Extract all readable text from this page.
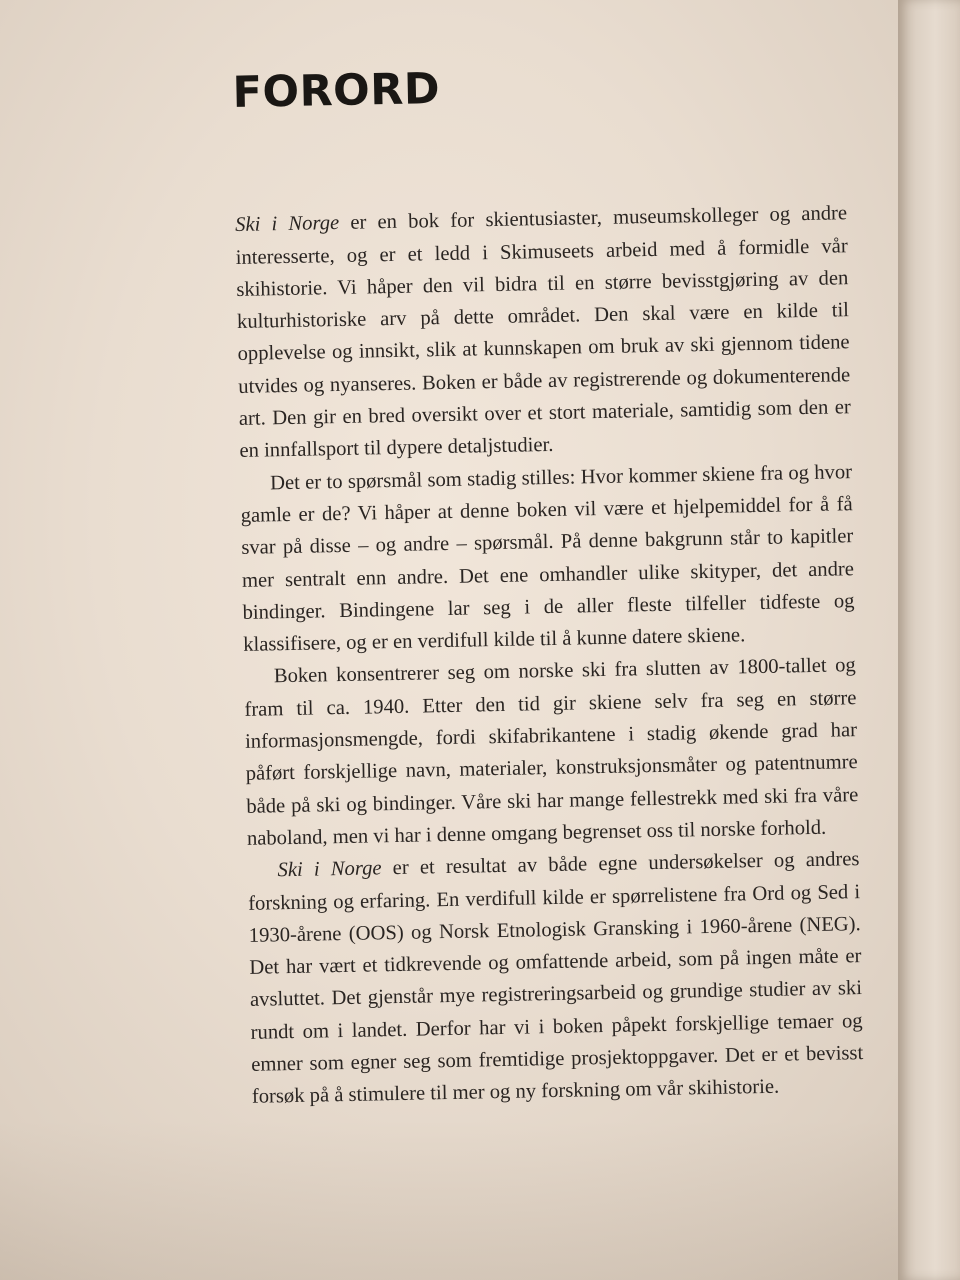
FORORD

Ski i Norge er en bok for skientusiaster, museumskolleger og andre interesserte, og er et ledd i Skimuseets arbeid med å formidle vår skihistorie. Vi håper den vil bidra til en større bevisstgjøring av den kulturhistoriske arv på dette området. Den skal være en kilde til opplevelse og innsikt, slik at kunnskapen om bruk av ski gjennom tidene utvides og nyanseres. Boken er både av registrerende og dokumenterende art. Den gir en bred oversikt over et stort materiale, samtidig som den er en innfallsport til dypere detaljstudier.

Det er to spørsmål som stadig stilles: Hvor kommer skiene fra og hvor gamle er de? Vi håper at denne boken vil være et hjelpemiddel for å få svar på disse – og andre – spørsmål. På denne bakgrunn står to kapitler mer sentralt enn andre. Det ene omhandler ulike skityper, det andre bindinger. Bindingene lar seg i de aller fleste tilfeller tidfeste og klassifisere, og er en verdifull kilde til å kunne datere skiene.

Boken konsentrerer seg om norske ski fra slutten av 1800-tallet og fram til ca. 1940. Etter den tid gir skiene selv fra seg en større informasjonsmengde, fordi skifabrikantene i stadig økende grad har påført forskjellige navn, materialer, konstruksjonsmåter og patentnumre både på ski og bindinger. Våre ski har mange fellestrekk med ski fra våre naboland, men vi har i denne omgang begrenset oss til norske forhold.

Ski i Norge er et resultat av både egne undersøkelser og andres forskning og erfaring. En verdifull kilde er spørrelistene fra Ord og Sed i 1930-årene (OOS) og Norsk Etnologisk Gransking i 1960-årene (NEG). Det har vært et tidkrevende og omfattende arbeid, som på ingen måte er avsluttet. Det gjenstår mye registreringsarbeid og grundige studier av ski rundt om i landet. Derfor har vi i boken påpekt forskjellige temaer og emner som egner seg som fremtidige prosjektoppgaver. Det er et bevisst forsøk på å stimulere til mer og ny forskning om vår skihistorie.
